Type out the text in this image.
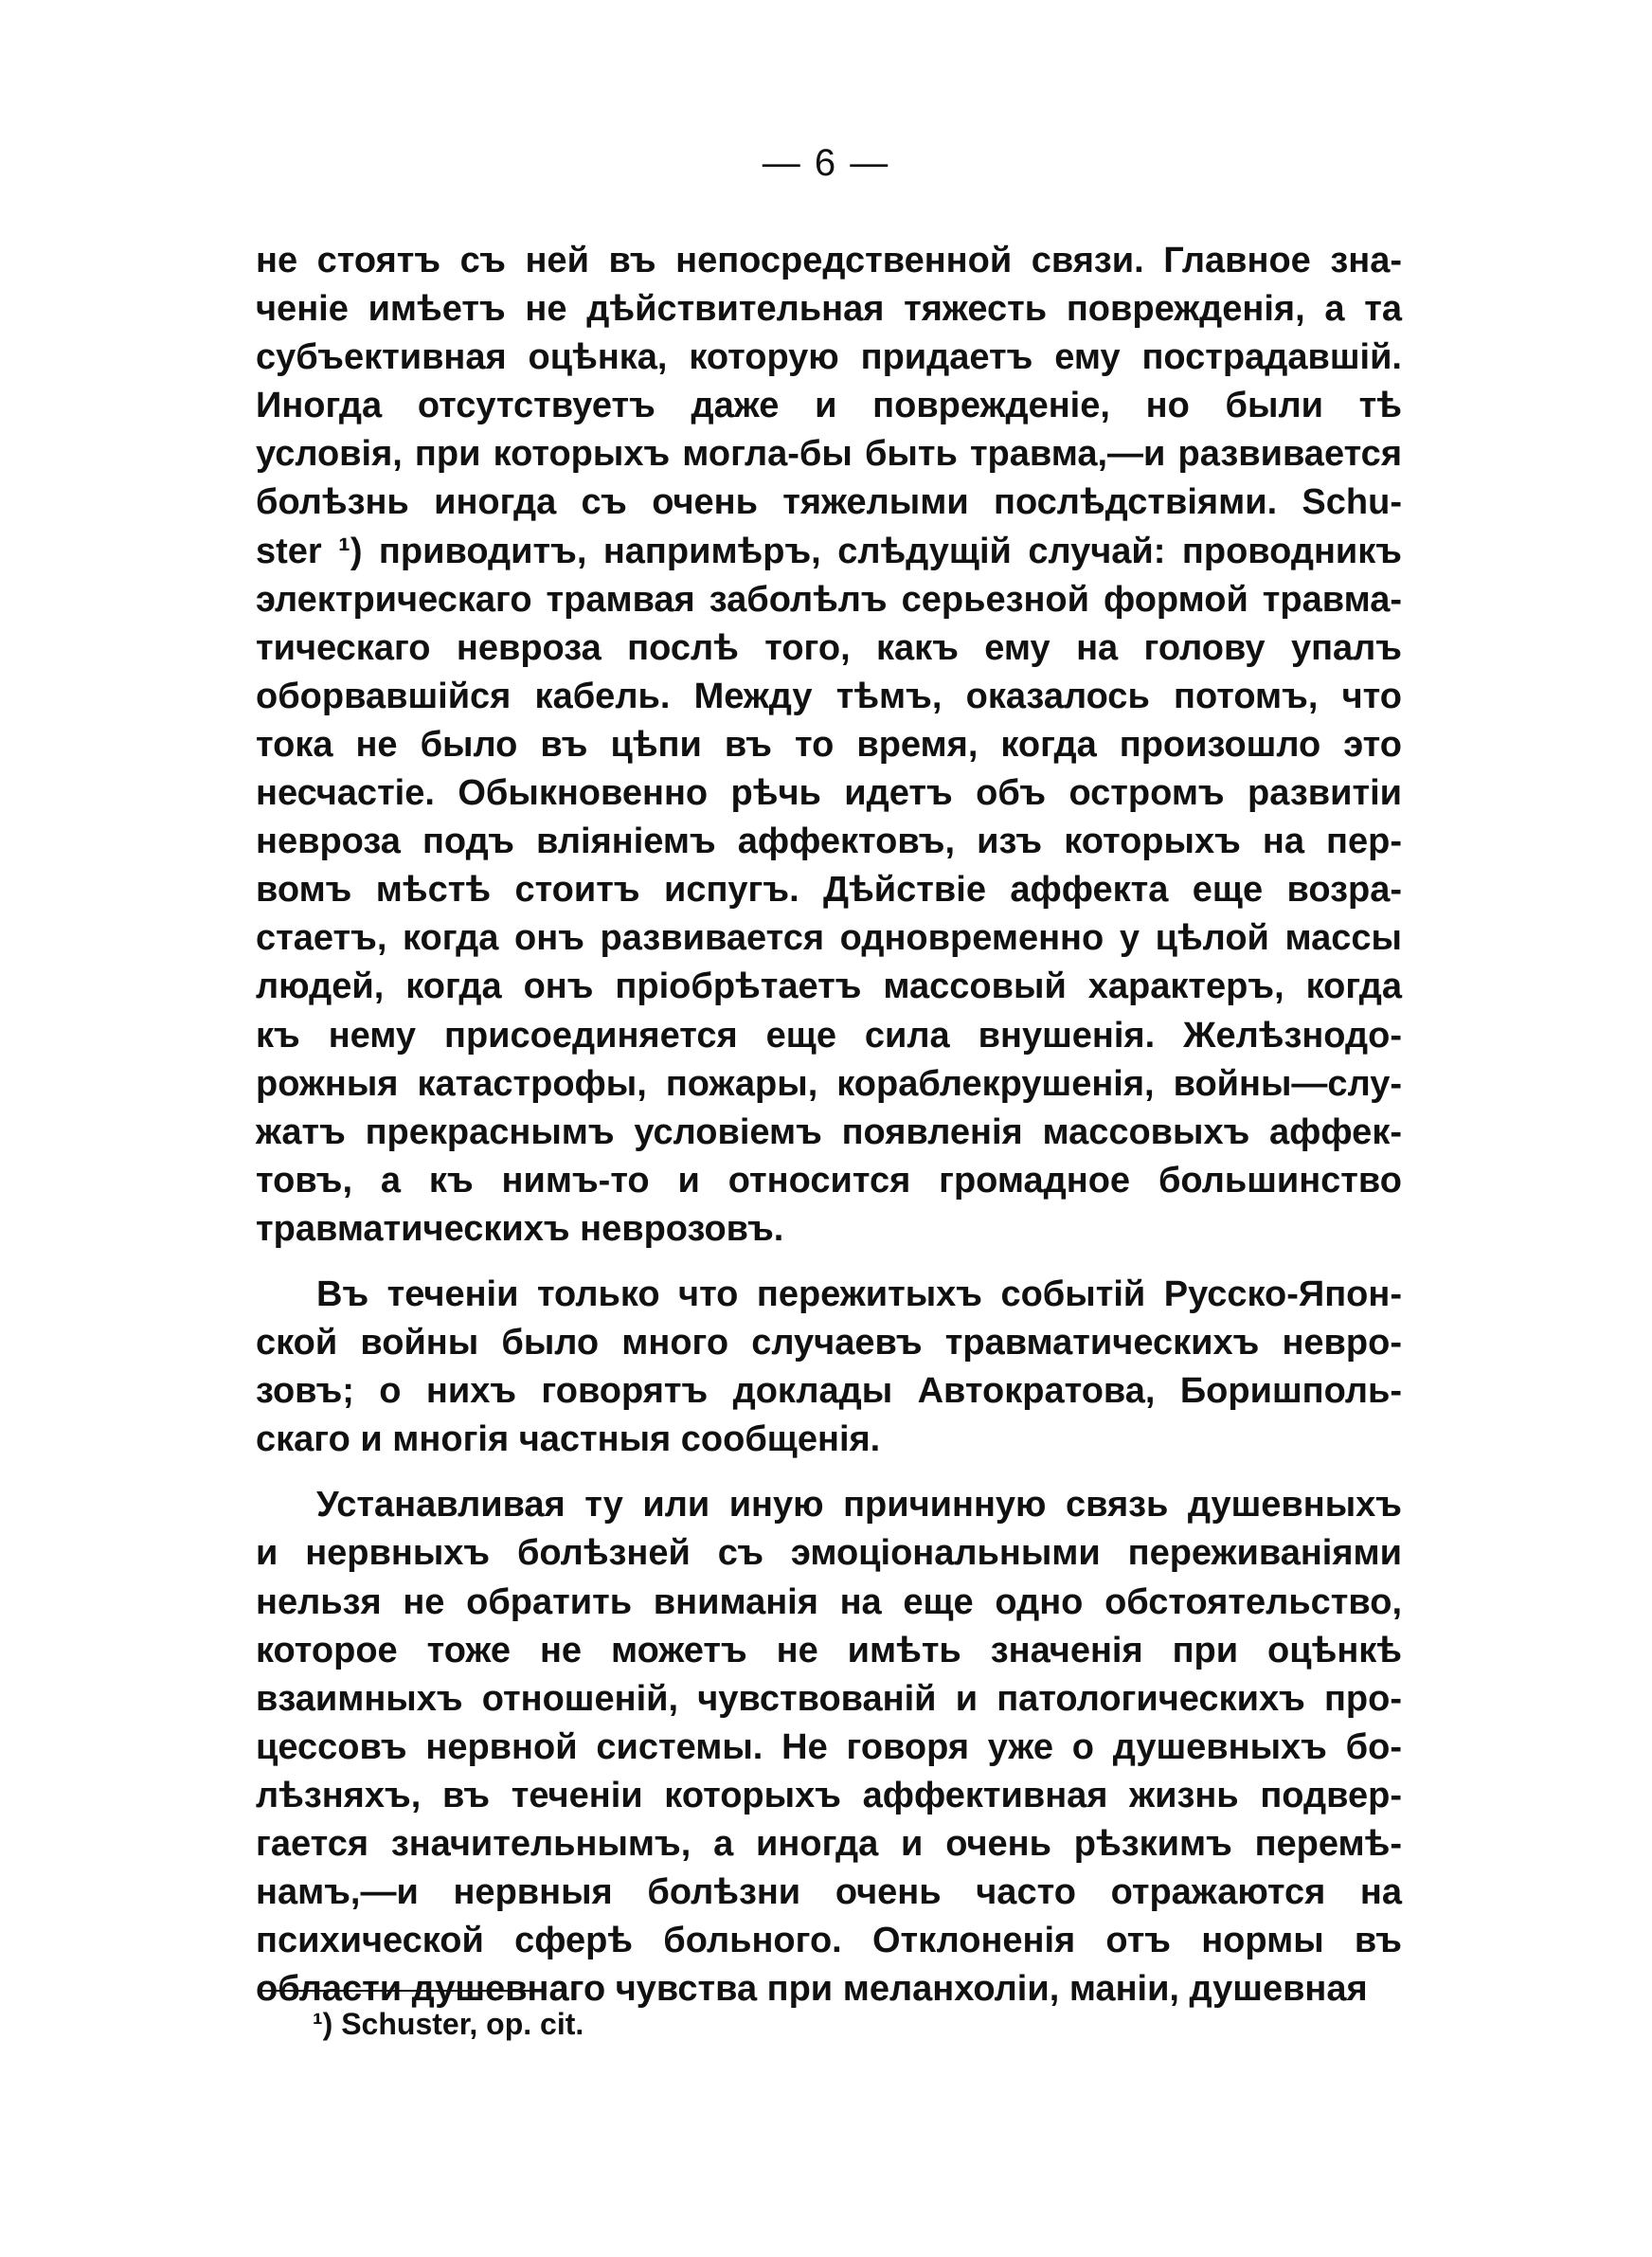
— 6 —
не стоятъ съ ней въ непосредственной связи. Главное зна-
ченіе имѣетъ не дѣйствительная тяжесть поврежденія, а та
субъективная оцѣнка, которую придаетъ ему пострадавшій.
Иногда отсутствуетъ даже и поврежденіе, но были тѣ
условія, при которыхъ могла-бы быть травма,—и развивается
болѣзнь иногда съ очень тяжелыми послѣдствіями. Schu-
ster ¹) приводитъ, напримѣръ, слѣдущій случай: проводникъ
электрическаго трамвая заболѣлъ серьезной формой травма-
тическаго невроза послѣ того, какъ ему на голову упалъ
оборвавшійся кабель. Между тѣмъ, оказалось потомъ, что
тока не было въ цѣпи въ то время, когда произошло это
несчастіе. Обыкновенно рѣчь идетъ объ остромъ развитіи
невроза подъ вліяніемъ аффектовъ, изъ которыхъ на пер-
вомъ мѣстѣ стоитъ испугъ. Дѣйствіе аффекта еще возра-
стаетъ, когда онъ развивается одновременно у цѣлой массы
людей, когда онъ пріобрѣтаетъ массовый характеръ, когда
къ нему присоединяется еще сила внушенія. Желѣзнодо-
рожныя катастрофы, пожары, кораблекрушенія, войны—слу-
жатъ прекраснымъ условіемъ появленія массовыхъ аффек-
товъ, а къ нимъ-то и относится громадное большинство
травматическихъ неврозовъ.
Въ теченіи только что пережитыхъ событій Русско-Япон-
ской войны было много случаевъ травматическихъ невро-
зовъ; о нихъ говорятъ доклады Автократова, Боришполь-
скаго и многія частныя сообщенія.
Устанавливая ту или иную причинную связь душевныхъ
и нервныхъ болѣзней съ эмоціональными переживаніями
нельзя не обратить вниманія на еще одно обстоятельство,
которое тоже не можетъ не имѣть значенія при оцѣнкѣ
взаимныхъ отношеній, чувствованій и патологическихъ про-
цессовъ нервной системы. Не говоря уже о душевныхъ бо-
лѣзняхъ, въ теченіи которыхъ аффективная жизнь подвер-
гается значительнымъ, а иногда и очень рѣзкимъ перемѣ-
намъ,—и нервныя болѣзни очень часто отражаются на
психической сферѣ больного. Отклоненія отъ нормы въ
области душевнаго чувства при меланхоліи, маніи, душевная
¹) Schuster, op. cit.
